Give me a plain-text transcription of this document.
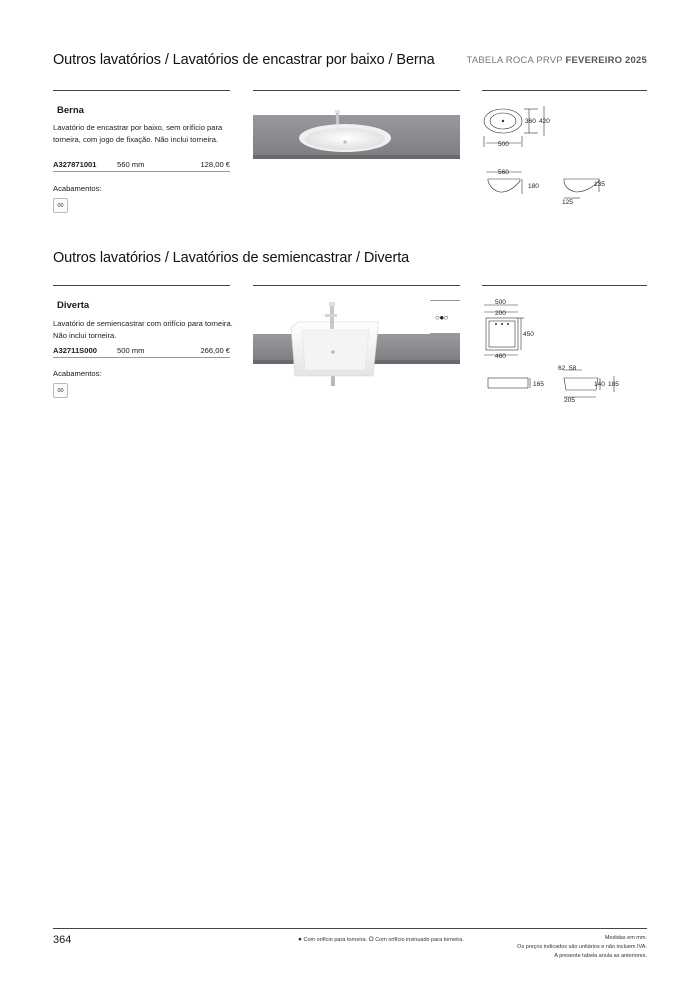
Outros lavatórios / Lavatórios de encastrar por baixo / Berna	TABELA ROCA PRVP FEVEREIRO 2025
Berna
Lavatório de encastrar por baixo, sem orifício para torneira, com jogo de fixação. Não inclui torneira.
A327871001	560 mm	128,00 €
Acabamentos:
00
360 420
500
560
180	135
125
Outros lavatórios / Lavatórios de semiencastrar / Diverta
Diverta
Lavatório de semiencastrar com orifício para torneira. Não inclui torneira.
A32711S000	500 mm	266,00 €
Acabamentos:
00
○●○
500
200
450
460
165
62 58
140 185
205
364	● Com orifício para torneira. O Com orifício insinuado para torneira.	Medidas em mm.
Os preços indicados são unitários e não incluem IVA.
A presente tabela anula as anteriores.
